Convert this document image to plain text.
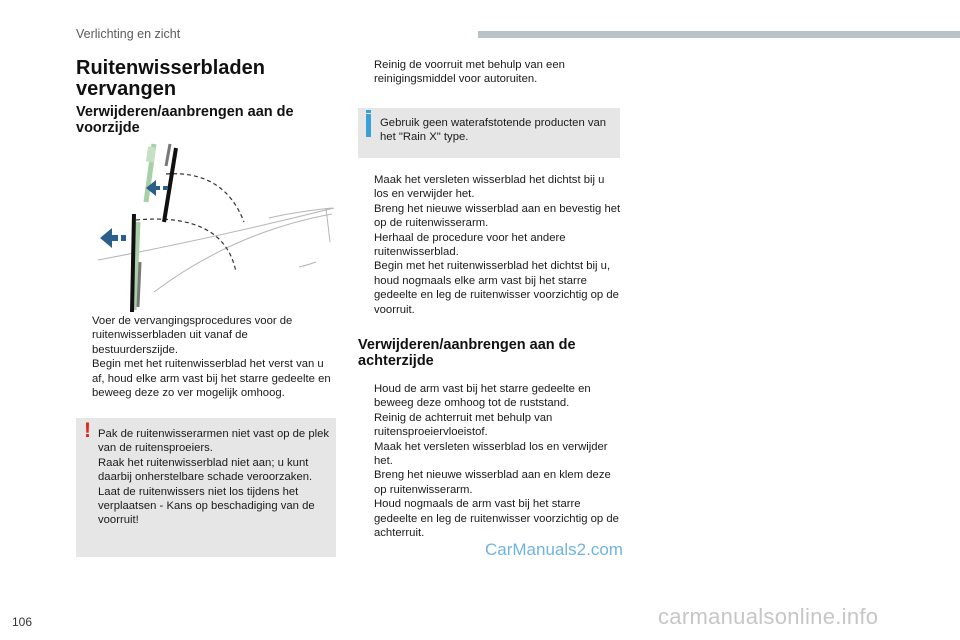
Verlichting en zicht
Ruitenwisserbladen vervangen
Verwijderen/aanbrengen aan de voorzijde
Voer de vervangingsprocedures voor de ruitenwisserbladen uit vanaf de bestuurderszijde.
Begin met het ruitenwisserblad het verst van u af, houd elke arm vast bij het starre gedeelte en beweeg deze zo ver mogelijk omhoog.
! Pak de ruitenwisserarmen niet vast op de plek van de ruitensproeiers.
Raak het ruitenwisserblad niet aan; u kunt daarbij onherstelbare schade veroorzaken.
Laat de ruitenwissers niet los tijdens het verplaatsen - Kans op beschadiging van de voorruit!
Reinig de voorruit met behulp van een reinigingsmiddel voor autoruiten.
Gebruik geen waterafstotende producten van het "Rain X" type.
Maak het versleten wisserblad het dichtst bij u los en verwijder het.
Breng het nieuwe wisserblad aan en bevestig het op de ruitenwisserarm.
Herhaal de procedure voor het andere ruitenwisserblad.
Begin met het ruitenwisserblad het dichtst bij u, houd nogmaals elke arm vast bij het starre gedeelte en leg de ruitenwisser voorzichtig op de voorruit.
Verwijderen/aanbrengen aan de achterzijde
Houd de arm vast bij het starre gedeelte en beweeg deze omhoog tot de ruststand.
Reinig de achterruit met behulp van ruitensproeiervloeistof.
Maak het versleten wisserblad los en verwijder het.
Breng het nieuwe wisserblad aan en klem deze op ruitenwisserarm.
Houd nogmaals de arm vast bij het starre gedeelte en leg de ruitenwisser voorzichtig op de achterruit.
CarManuals2.com
carmanualsonline.info
106
